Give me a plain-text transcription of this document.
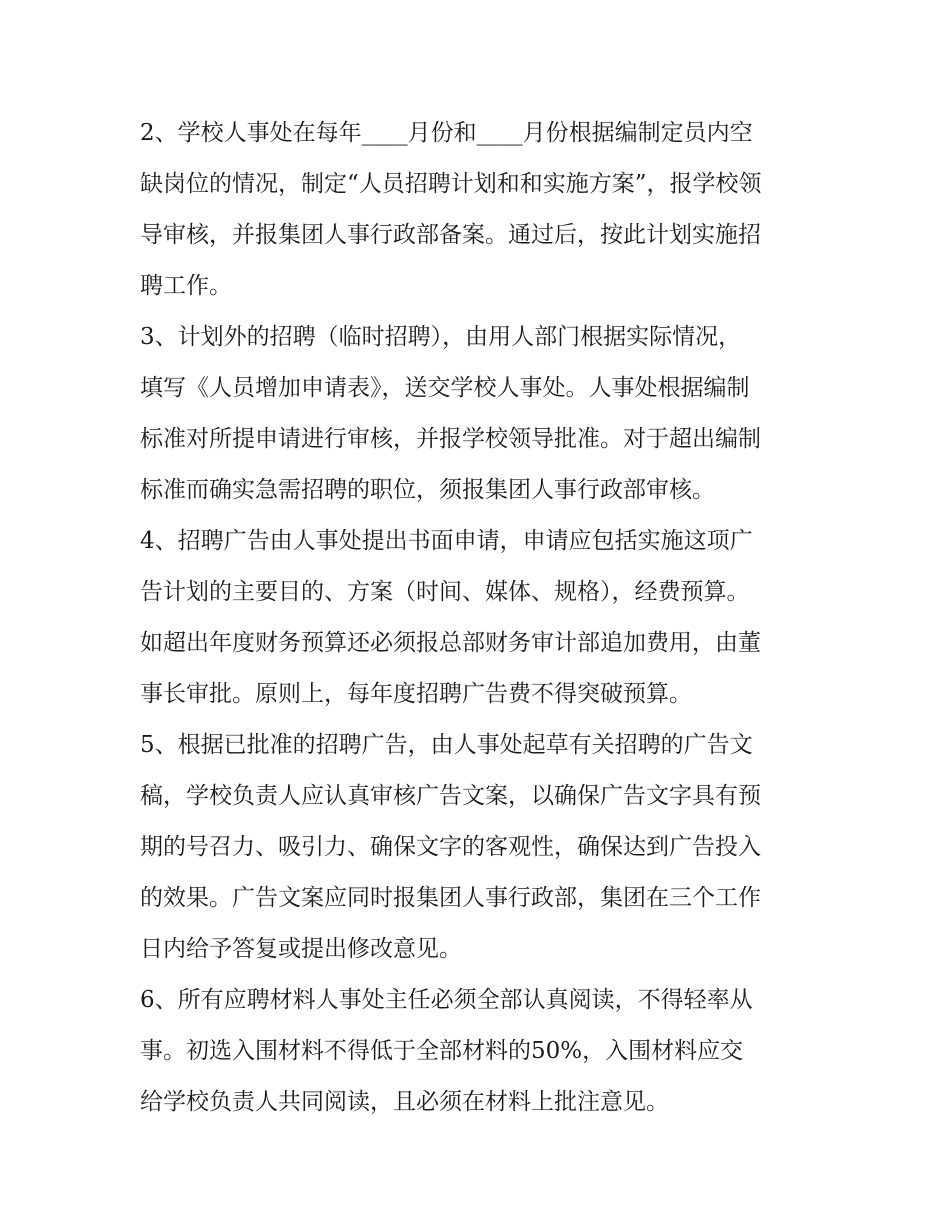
2、学校人事处在每年____月份和____月份根据编制定员内空
缺岗位的情况，制定“人员招聘计划和和实施方案”，报学校领
导审核，并报集团人事行政部备案。通过后，按此计划实施招
聘工作。
3、计划外的招聘（临时招聘），由用人部门根据实际情况，
填写《人员增加申请表》，送交学校人事处。人事处根据编制
标准对所提申请进行审核，并报学校领导批准。对于超出编制
标准而确实急需招聘的职位，须报集团人事行政部审核。
4、招聘广告由人事处提出书面申请，申请应包括实施这项广
告计划的主要目的、方案（时间、媒体、规格），经费预算。
如超出年度财务预算还必须报总部财务审计部追加费用，由董
事长审批。原则上，每年度招聘广告费不得突破预算。
5、根据已批准的招聘广告，由人事处起草有关招聘的广告文
稿，学校负责人应认真审核广告文案，以确保广告文字具有预
期的号召力、吸引力、确保文字的客观性，确保达到广告投入
的效果。广告文案应同时报集团人事行政部，集团在三个工作
日内给予答复或提出修改意见。
6、所有应聘材料人事处主任必须全部认真阅读，不得轻率从
事。初选入围材料不得低于全部材料的50%，入围材料应交
给学校负责人共同阅读，且必须在材料上批注意见。
